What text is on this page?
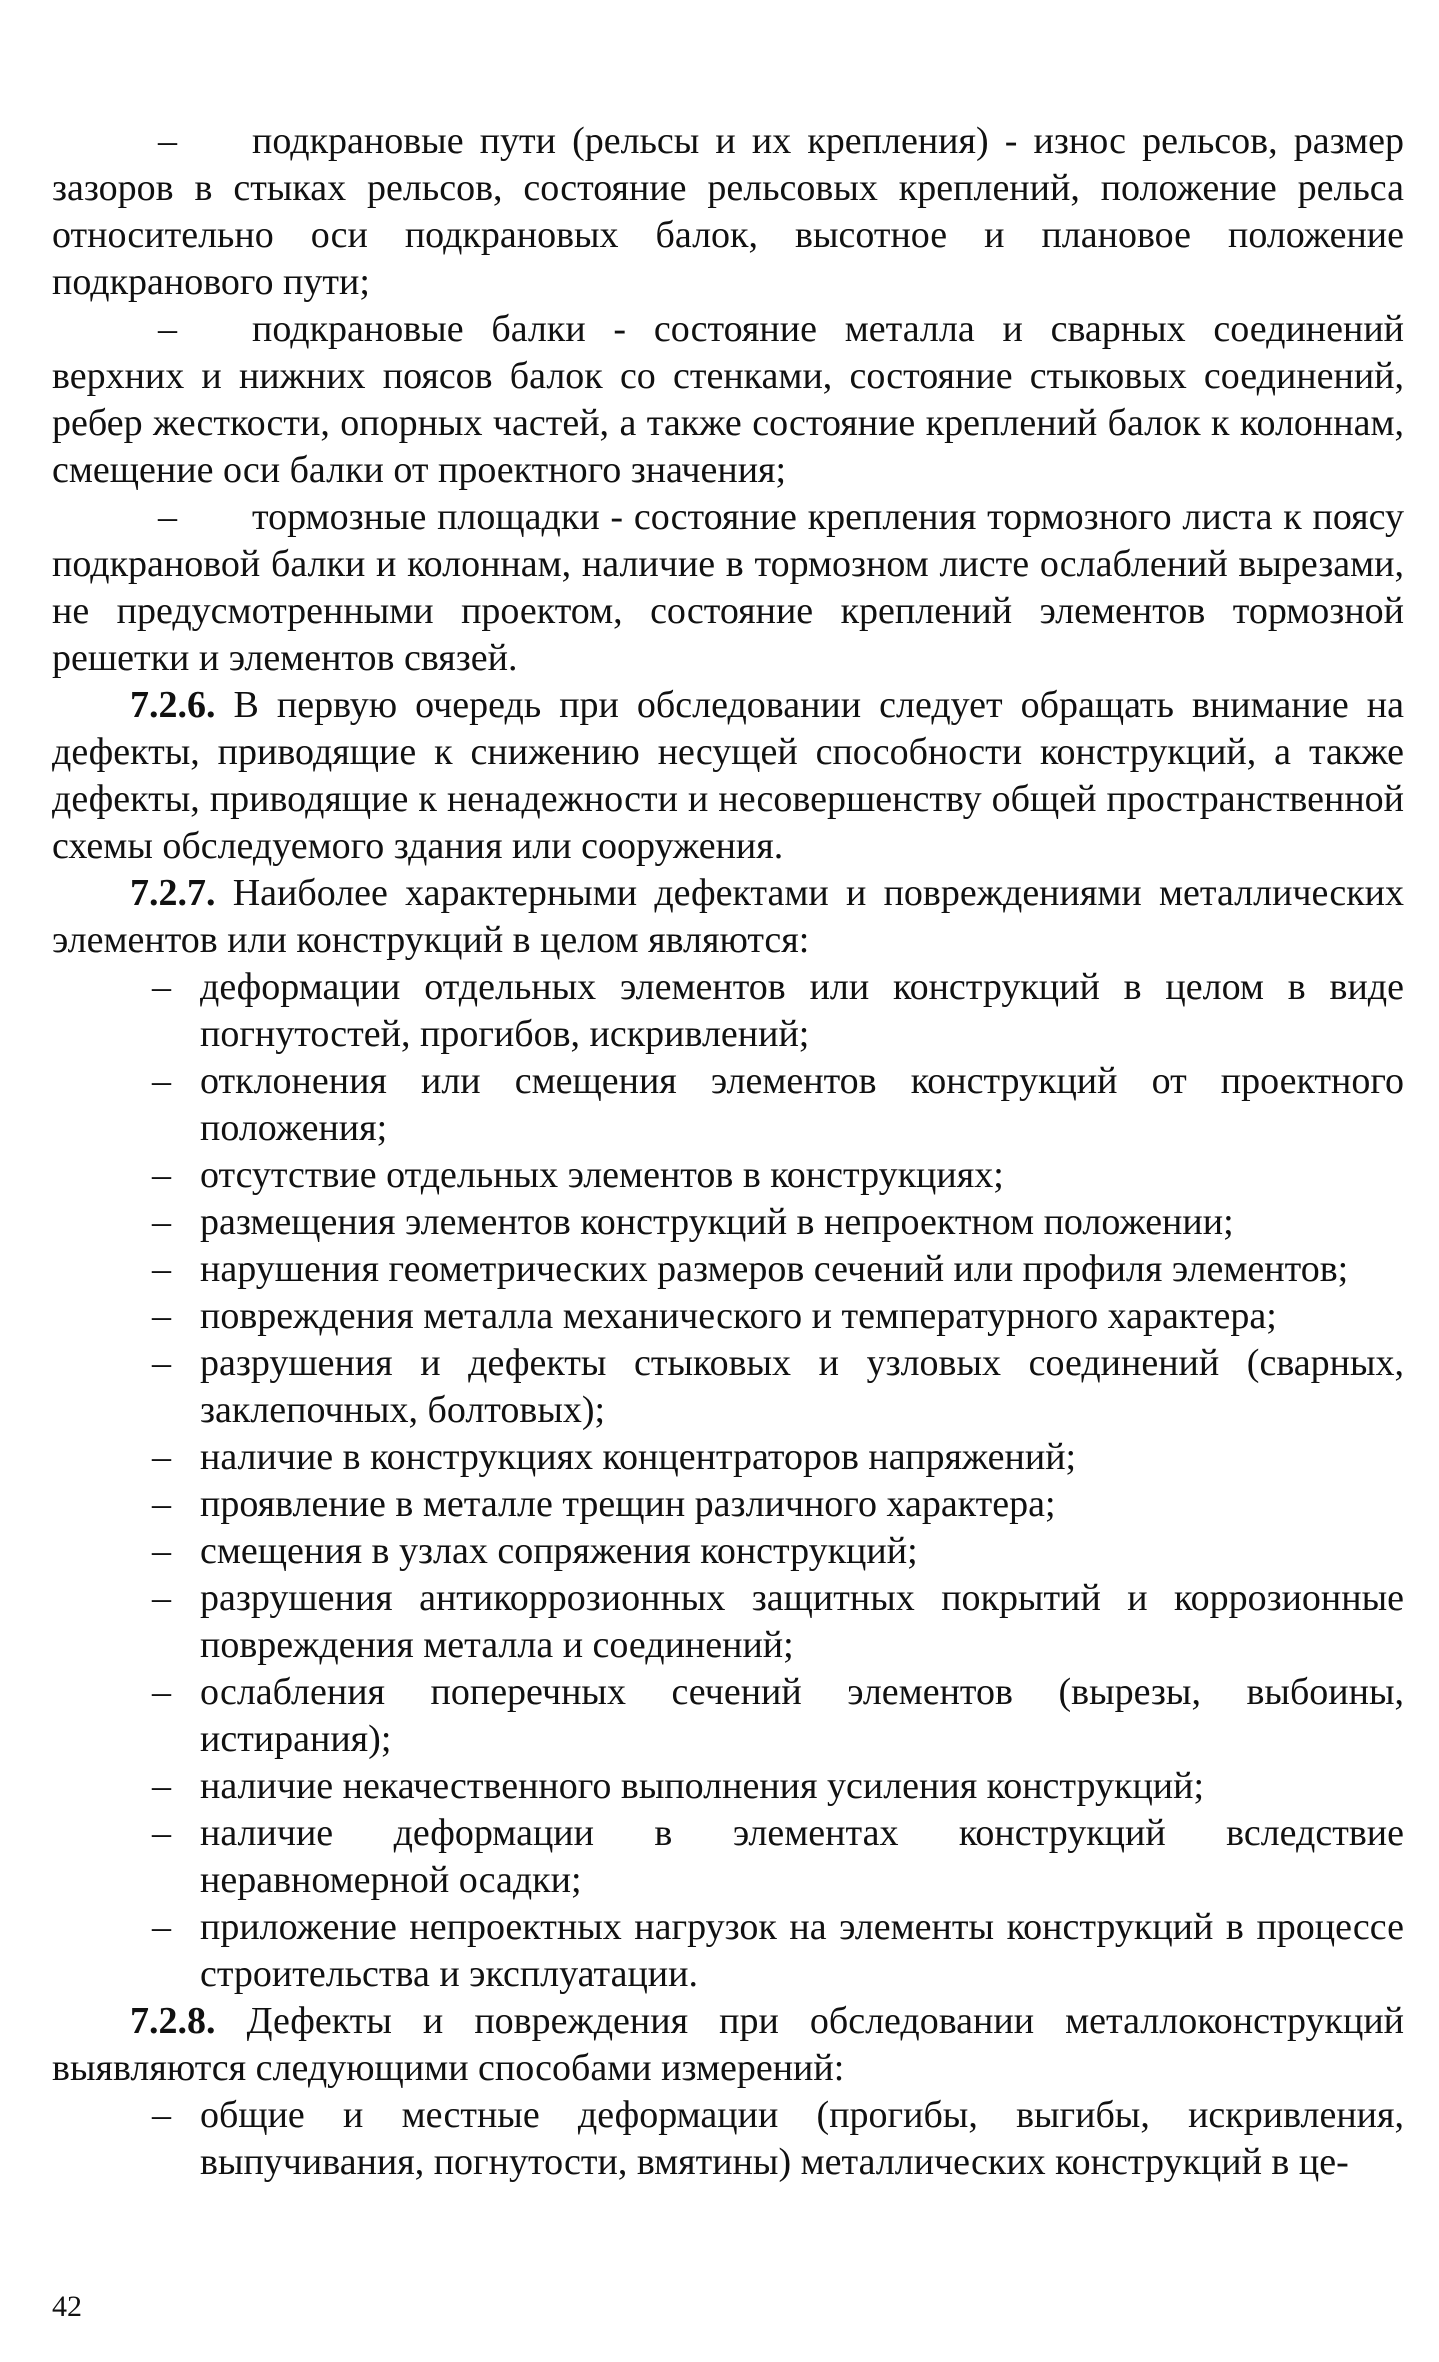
– подкрановые пути (рельсы и их крепления) - износ рельсов, размер зазоров в стыках рельсов, состояние рельсовых креплений, положение рельса относительно оси подкрановых балок, высотное и плановое положение подкранового пути;

– подкрановые балки - состояние металла и сварных соединений верхних и нижних поясов балок со стенками, состояние стыковых соединений, ребер жесткости, опорных частей, а также состояние креплений балок к колоннам, смещение оси балки от проектного значения;

– тормозные площадки - состояние крепления тормозного листа к поясу подкрановой балки и колоннам, наличие в тормозном листе ослаблений вырезами, не предусмотренными проектом, состояние креплений элементов тормозной решетки и элементов связей.

7.2.6. В первую очередь при обследовании следует обращать внимание на дефекты, приводящие к снижению несущей способности конструкций, а также дефекты, приводящие к ненадежности и несовершенству общей пространственной схемы обследуемого здания или сооружения.

7.2.7. Наиболее характерными дефектами и повреждениями металлических элементов или конструкций в целом являются:

– деформации отдельных элементов или конструкций в целом в виде погнутостей, прогибов, искривлений;
– отклонения или смещения элементов конструкций от проектного положения;
– отсутствие отдельных элементов в конструкциях;
– размещения элементов конструкций в непроектном положении;
– нарушения геометрических размеров сечений или профиля элементов;
– повреждения металла механического и температурного характера;
– разрушения и дефекты стыковых и узловых соединений (сварных, заклепочных, болтовых);
– наличие в конструкциях концентраторов напряжений;
– проявление в металле трещин различного характера;
– смещения в узлах сопряжения конструкций;
– разрушения антикоррозионных защитных покрытий и коррозионные повреждения металла и соединений;
– ослабления поперечных сечений элементов (вырезы, выбоины, истирания);
– наличие некачественного выполнения усиления конструкций;
– наличие деформации в элементах конструкций вследствие неравномерной осадки;
– приложение непроектных нагрузок на элементы конструкций в процессе строительства и эксплуатации.

7.2.8. Дефекты и повреждения при обследовании металлоконструкций выявляются следующими способами измерений:

– общие и местные деформации (прогибы, выгибы, искривления, выпучивания, погнутости, вмятины) металлических конструкций в це-
42
